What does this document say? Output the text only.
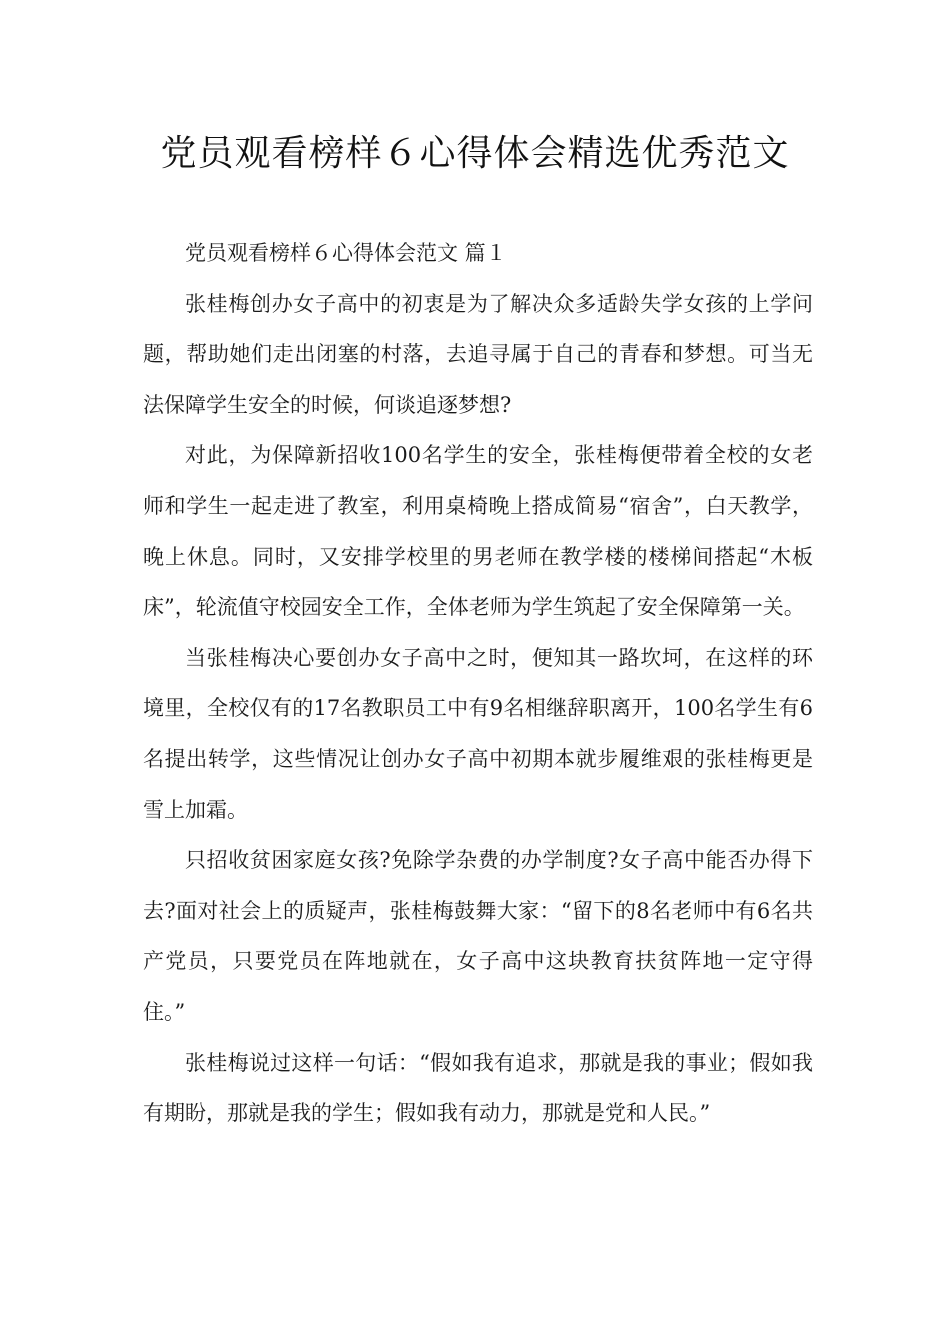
党员观看榜样６心得体会精选优秀范文

党员观看榜样６心得体会范文 篇１

张桂梅创办女子高中的初衷是为了解决众多适龄失学女孩的上学问题，帮助她们走出闭塞的村落，去追寻属于自己的青春和梦想。可当无法保障学生安全的时候，何谈追逐梦想?

对此，为保障新招收100名学生的安全，张桂梅便带着全校的女老师和学生一起走进了教室，利用桌椅晚上搭成简易“宿舍”，白天教学，晚上休息。同时，又安排学校里的男老师在教学楼的楼梯间搭起“木板床”，轮流值守校园安全工作，全体老师为学生筑起了安全保障第一关。

当张桂梅决心要创办女子高中之时，便知其一路坎坷，在这样的环境里，全校仅有的17名教职员工中有9名相继辞职离开，100名学生有6名提出转学，这些情况让创办女子高中初期本就步履维艰的张桂梅更是雪上加霜。

只招收贫困家庭女孩?免除学杂费的办学制度?女子高中能否办得下去?面对社会上的质疑声，张桂梅鼓舞大家：“留下的8名老师中有6名共产党员，只要党员在阵地就在，女子高中这块教育扶贫阵地一定守得住。”

张桂梅说过这样一句话：“假如我有追求，那就是我的事业；假如我有期盼，那就是我的学生；假如我有动力，那就是党和人民。”
